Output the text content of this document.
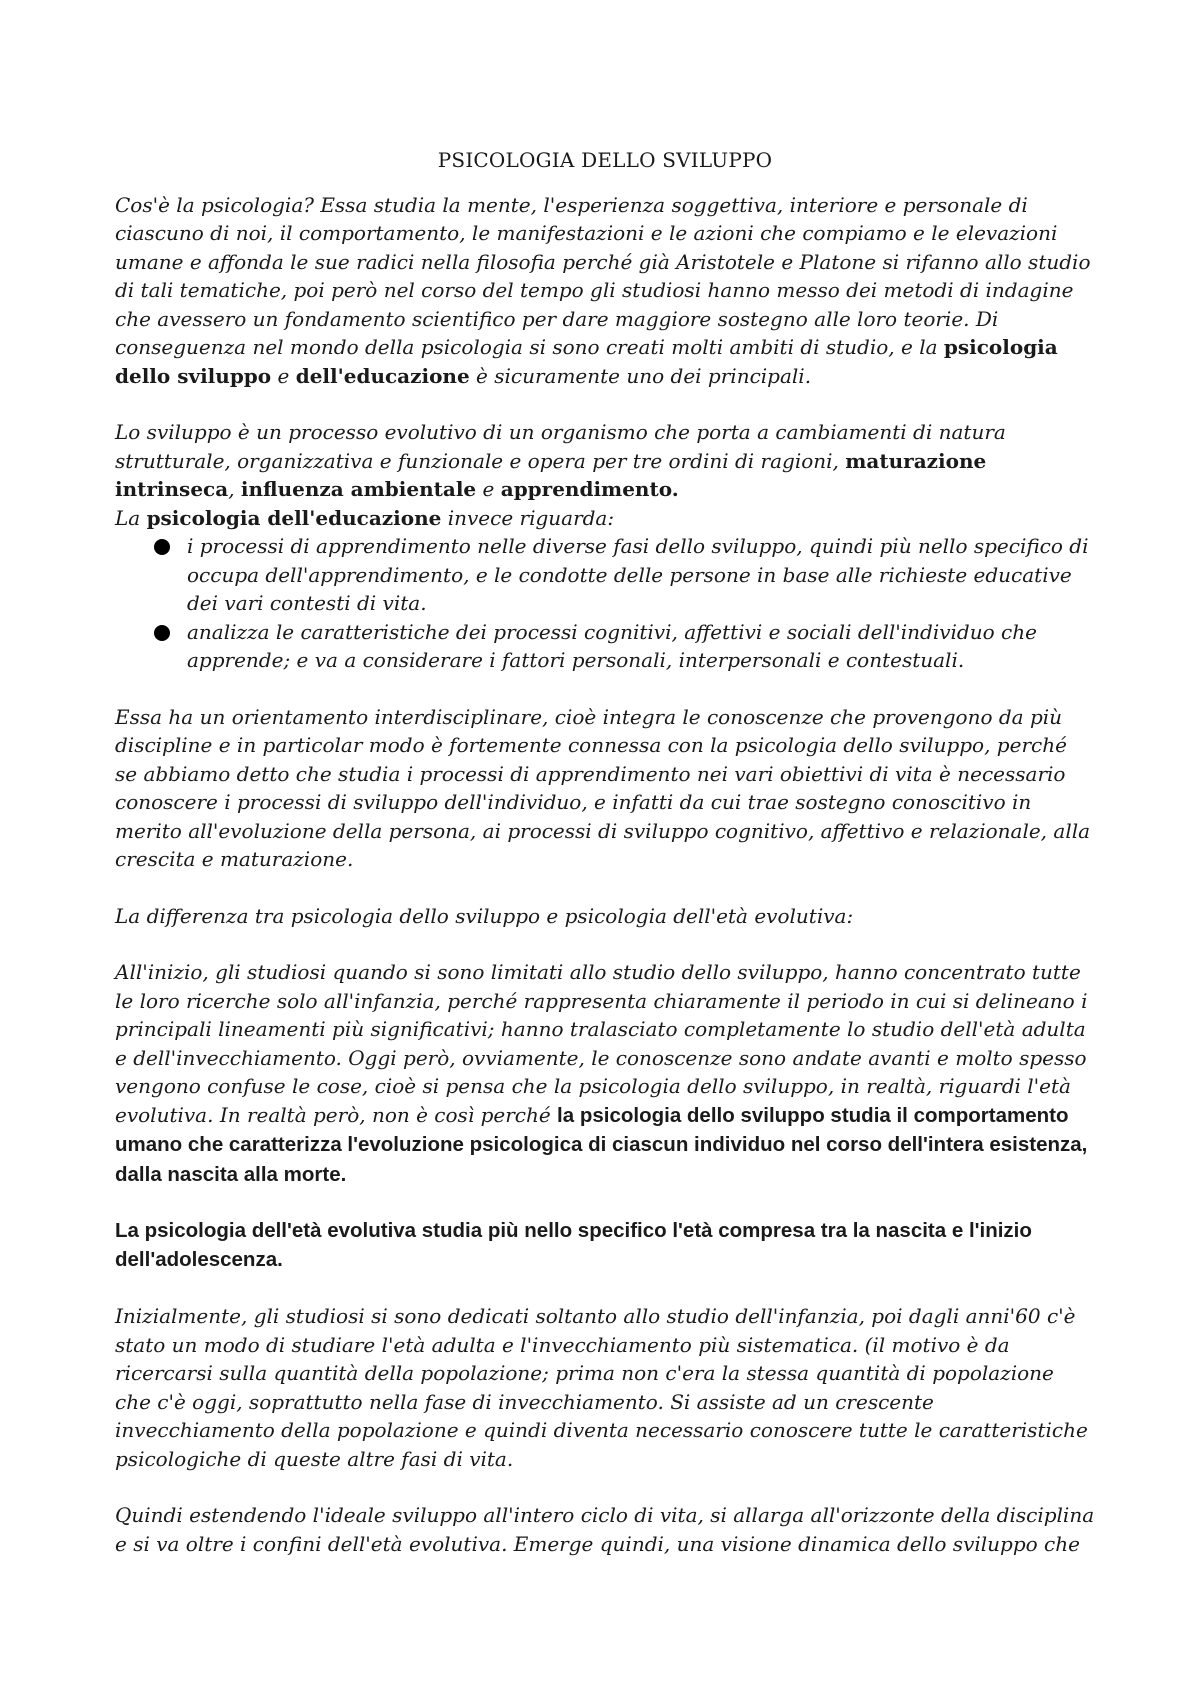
PSICOLOGIA DELLO SVILUPPO

Cos'è la psicologia? Essa studia la mente, l'esperienza soggettiva, interiore e personale di ciascuno di noi, il comportamento, le manifestazioni e le azioni che compiamo e le elevazioni umane e affonda le sue radici nella filosofia perché già Aristotele e Platone si rifanno allo studio di tali tematiche, poi però nel corso del tempo gli studiosi hanno messo dei metodi di indagine che avessero un fondamento scientifico per dare maggiore sostegno alle loro teorie. Di conseguenza nel mondo della psicologia si sono creati molti ambiti di studio, e la psicologia dello sviluppo e dell'educazione è sicuramente uno dei principali.

Lo sviluppo è un processo evolutivo di un organismo che porta a cambiamenti di natura strutturale, organizzativa e funzionale e opera per tre ordini di ragioni, maturazione intrinseca, influenza ambientale e apprendimento.

La psicologia dell'educazione invece riguarda:

i processi di apprendimento nelle diverse fasi dello sviluppo, quindi più nello specifico di occupa dell'apprendimento, e le condotte delle persone in base alle richieste educative dei vari contesti di vita.
analizza le caratteristiche dei processi cognitivi, affettivi e sociali dell'individuo che apprende; e va a considerare i fattori personali, interpersonali e contestuali.

Essa ha un orientamento interdisciplinare, cioè integra le conoscenze che provengono da più discipline e in particolar modo è fortemente connessa con la psicologia dello sviluppo, perché se abbiamo detto che studia i processi di apprendimento nei vari obiettivi di vita è necessario conoscere i processi di sviluppo dell'individuo, e infatti da cui trae sostegno conoscitivo in merito all'evoluzione della persona, ai processi di sviluppo cognitivo, affettivo e relazionale, alla crescita e maturazione.

La differenza tra psicologia dello sviluppo e psicologia dell'età evolutiva:

All'inizio, gli studiosi quando si sono limitati allo studio dello sviluppo, hanno concentrato tutte le loro ricerche solo all'infanzia, perché rappresenta chiaramente il periodo in cui si delineano i principali lineamenti più significativi; hanno tralasciato completamente lo studio dell'età adulta e dell'invecchiamento. Oggi però, ovviamente, le conoscenze sono andate avanti e molto spesso vengono confuse le cose, cioè si pensa che la psicologia dello sviluppo, in realtà, riguardi l'età evolutiva. In realtà però, non è così perché la psicologia dello sviluppo studia il comportamento umano che caratterizza l'evoluzione psicologica di ciascun individuo nel corso dell'intera esistenza, dalla nascita alla morte.

La psicologia dell'età evolutiva studia più nello specifico l'età compresa tra la nascita e l'inizio dell'adolescenza.

Inizialmente, gli studiosi si sono dedicati soltanto allo studio dell'infanzia, poi dagli anni'60 c'è stato un modo di studiare l'età adulta e l'invecchiamento più sistematica. (il motivo è da ricercarsi sulla quantità della popolazione; prima non c'era la stessa quantità di popolazione che c'è oggi, soprattutto nella fase di invecchiamento. Si assiste ad un crescente invecchiamento della popolazione e quindi diventa necessario conoscere tutte le caratteristiche psicologiche di queste altre fasi di vita.

Quindi estendendo l'ideale sviluppo all'intero ciclo di vita, si allarga all'orizzonte della disciplina e si va oltre i confini dell'età evolutiva. Emerge quindi, una visione dinamica dello sviluppo che
